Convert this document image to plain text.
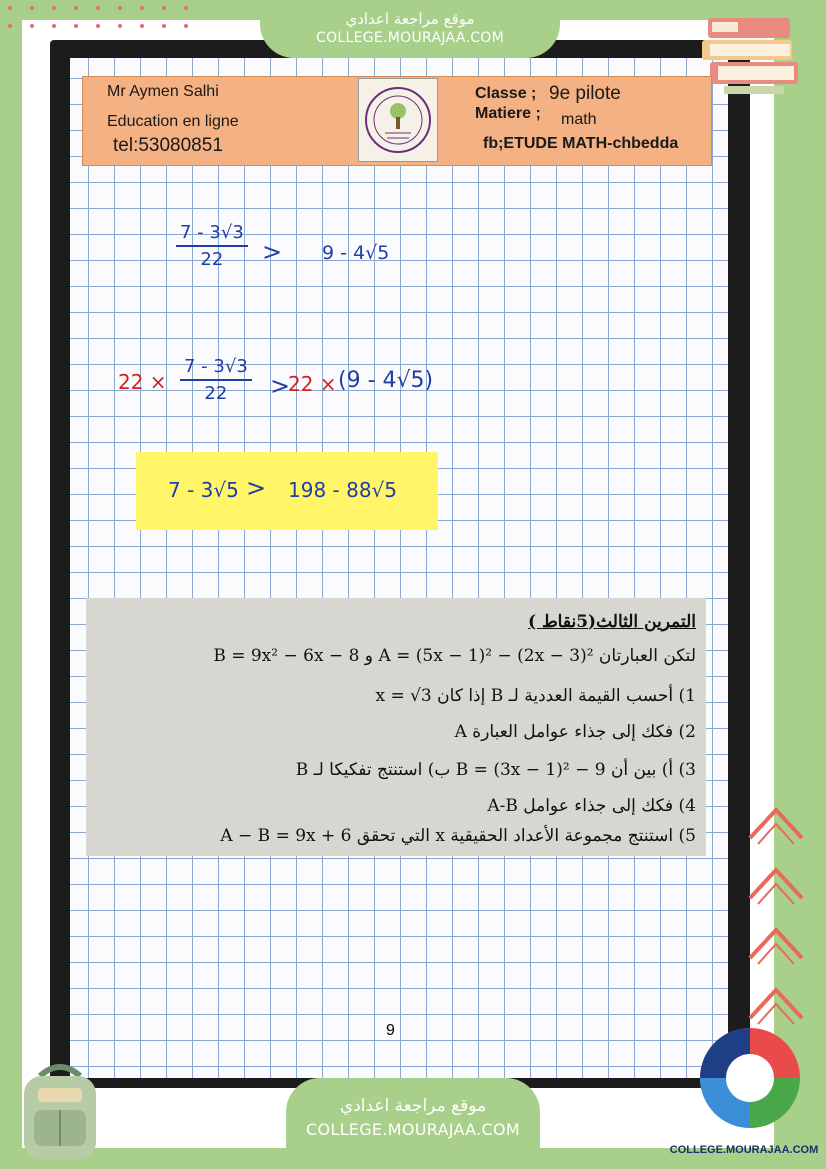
موقع مراجعة اعدادي
COLLEGE.MOURAJAA.COM
Mr Aymen Salhi
Education en ligne
tel:53080851
Classe ; 9e pilote
Matiere ; math
fb;ETUDE MATH-chbedda
$\frac{7 - 3√3}{22} > 9 - 4√5$
$22 \times \frac{7 - 3√3}{22}$ >
22 × (9 - 4√5)
7 - 3√5 > 198 - 88√5
التمرين الثالث(5نقاط )
لتكن العبارتان A = (5x − 1)² − (2x − 3)² و B = 9x² − 6x − 8
1) أحسب القيمة العددية لـ B إذا كان x = √3
2) فكك إلى جذاء عوامل العبارة A
3) أ) بين أن B = (3x − 1)² − 9 ب) استنتج تفكيكا لـ B
4) فكك إلى جذاء عوامل A-B
5) استنتج مجموعة الأعداد الحقيقية x التي تحقق A − B = 9x + 6
9
موقع مراجعة اعدادي
COLLEGE.MOURAJAA.COM
COLLEGE.MOURAJAA.COM
